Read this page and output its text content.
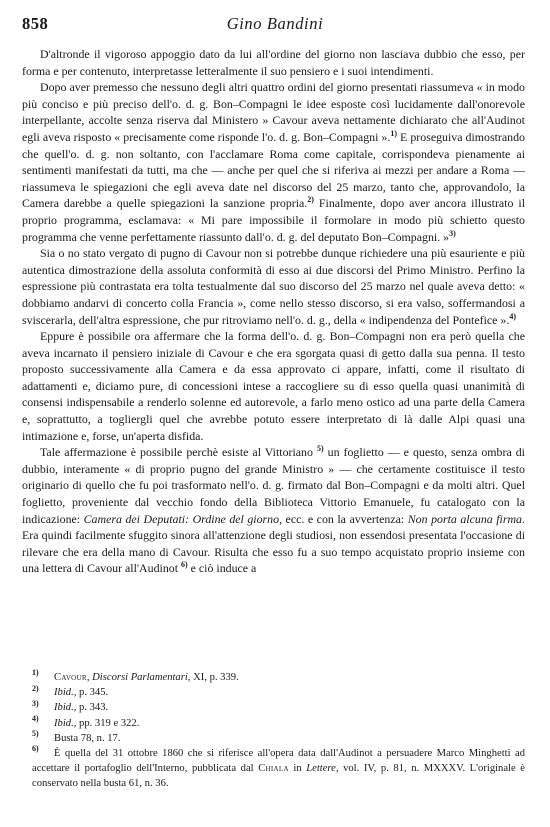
858	Gino Bandini

D'altronde il vigoroso appoggio dato da lui all'ordine del giorno non lasciava dubbio che esso, per forma e per contenuto, interpretasse letteralmente il suo pensiero e i suoi intendimenti.

Dopo aver premesso che nessuno degli altri quattro ordini del giorno presentati riassumeva « in modo più conciso e più preciso dell'o. d. g. Bon–Compagni le idee esposte così lucidamente dall'onorevole interpellante, accolte senza riserva dal Ministero » Cavour aveva nettamente dichiarato che all'Audinot egli aveva risposto « precisamente come risponde l'o. d. g. Bon–Compagni ».$^{1)}$ E proseguiva dimostrando che quell'o. d. g. non soltanto, con l'acclamare Roma come capitale, corrispondeva pienamente ai sentimenti manifestati da tutti, ma che — anche per quel che si riferiva ai mezzi per andare a Roma — riassumeva le spiegazioni che egli aveva date nel discorso del 25 marzo, tanto che, approvandolo, la Camera darebbe a quelle spiegazioni la sanzione propria.$^{2)}$ Finalmente, dopo aver ancora illustrato il proprio programma, esclamava: « Mi pare impossibile il formolare in modo più schietto questo programma che venne perfettamente riassunto dall'o. d. g. del deputato Bon–Compagni. »$^{3)}$

Sia o no stato vergato di pugno di Cavour non si potrebbe dunque richiedere una più esauriente e più autentica dimostrazione della assoluta conformità di esso ai due discorsi del Primo Ministro. Perfino la espressione più contrastata era tolta testualmente dal suo discorso del 25 marzo nel quale aveva detto: « dobbiamo andarvi di concerto colla Francia », come nello stesso discorso, si era valso, soffermandosi a sviscerarla, dell'altra espressione, che pur ritroviamo nell'o. d. g., della « indipendenza del Pontefice ».$^{4)}$

Eppure è possibile ora affermare che la forma dell'o. d. g. Bon–Compagni non era però quella che aveva incarnato il pensiero iniziale di Cavour e che era sgorgata quasi di getto dalla sua penna. Il testo proposto successivamente alla Camera e da essa approvato ci appare, infatti, come il risultato di adattamenti e, diciamo pure, di concessioni intese a raccogliere su di esso quella quasi unanimità di consensi indispensabile a renderlo solenne ed autorevole, a farlo meno ostico ad una parte della Camera e, soprattutto, a togliergli quel che avrebbe potuto essere interpretato di là dalle Alpi quasi una intimazione e, forse, un'aperta disfida.

Tale affermazione è possibile perchè esiste al Vittoriano $^{5)}$ un foglietto — e questo, senza ombra di dubbio, interamente « di proprio pugno del grande Ministro » — che certamente costituisce il testo originario di quello che fu poi trasformato nell'o. d. g. firmato dal Bon–Compagni e da molti altri. Quel foglietto, proveniente dal vecchio fondo della Biblioteca Vittorio Emanuele, fu catalogato con la indicazione: Camera dei Deputati: Ordine del giorno, ecc. e con la avvertenza: Non porta alcuna firma. Era quindi facilmente sfuggito sinora all'attenzione degli studiosi, non essendosi presentata l'occasione di rilevare che era della mano di Cavour. Risulta che esso fu a suo tempo acquistato proprio insieme con una lettera di Cavour all'Audinot $^{6)}$ e ciò induce a

1) Cavour, Discorsi Parlamentari, XI, p. 339.

2) Ibid., p. 345.

3) Ibid., p. 343.

4) Ibid., pp. 319 e 322.

5) Busta 78, n. 17.

6) È quella del 31 ottobre 1860 che si riferisce all'opera data dall'Audinot a persuadere Marco Minghetti ad accettare il portafoglio dell'Interno, pubblicata dal Chiala in Lettere, vol. IV, p. 81, n. MXXXV. L'originale è conservato nella busta 61, n. 36.
